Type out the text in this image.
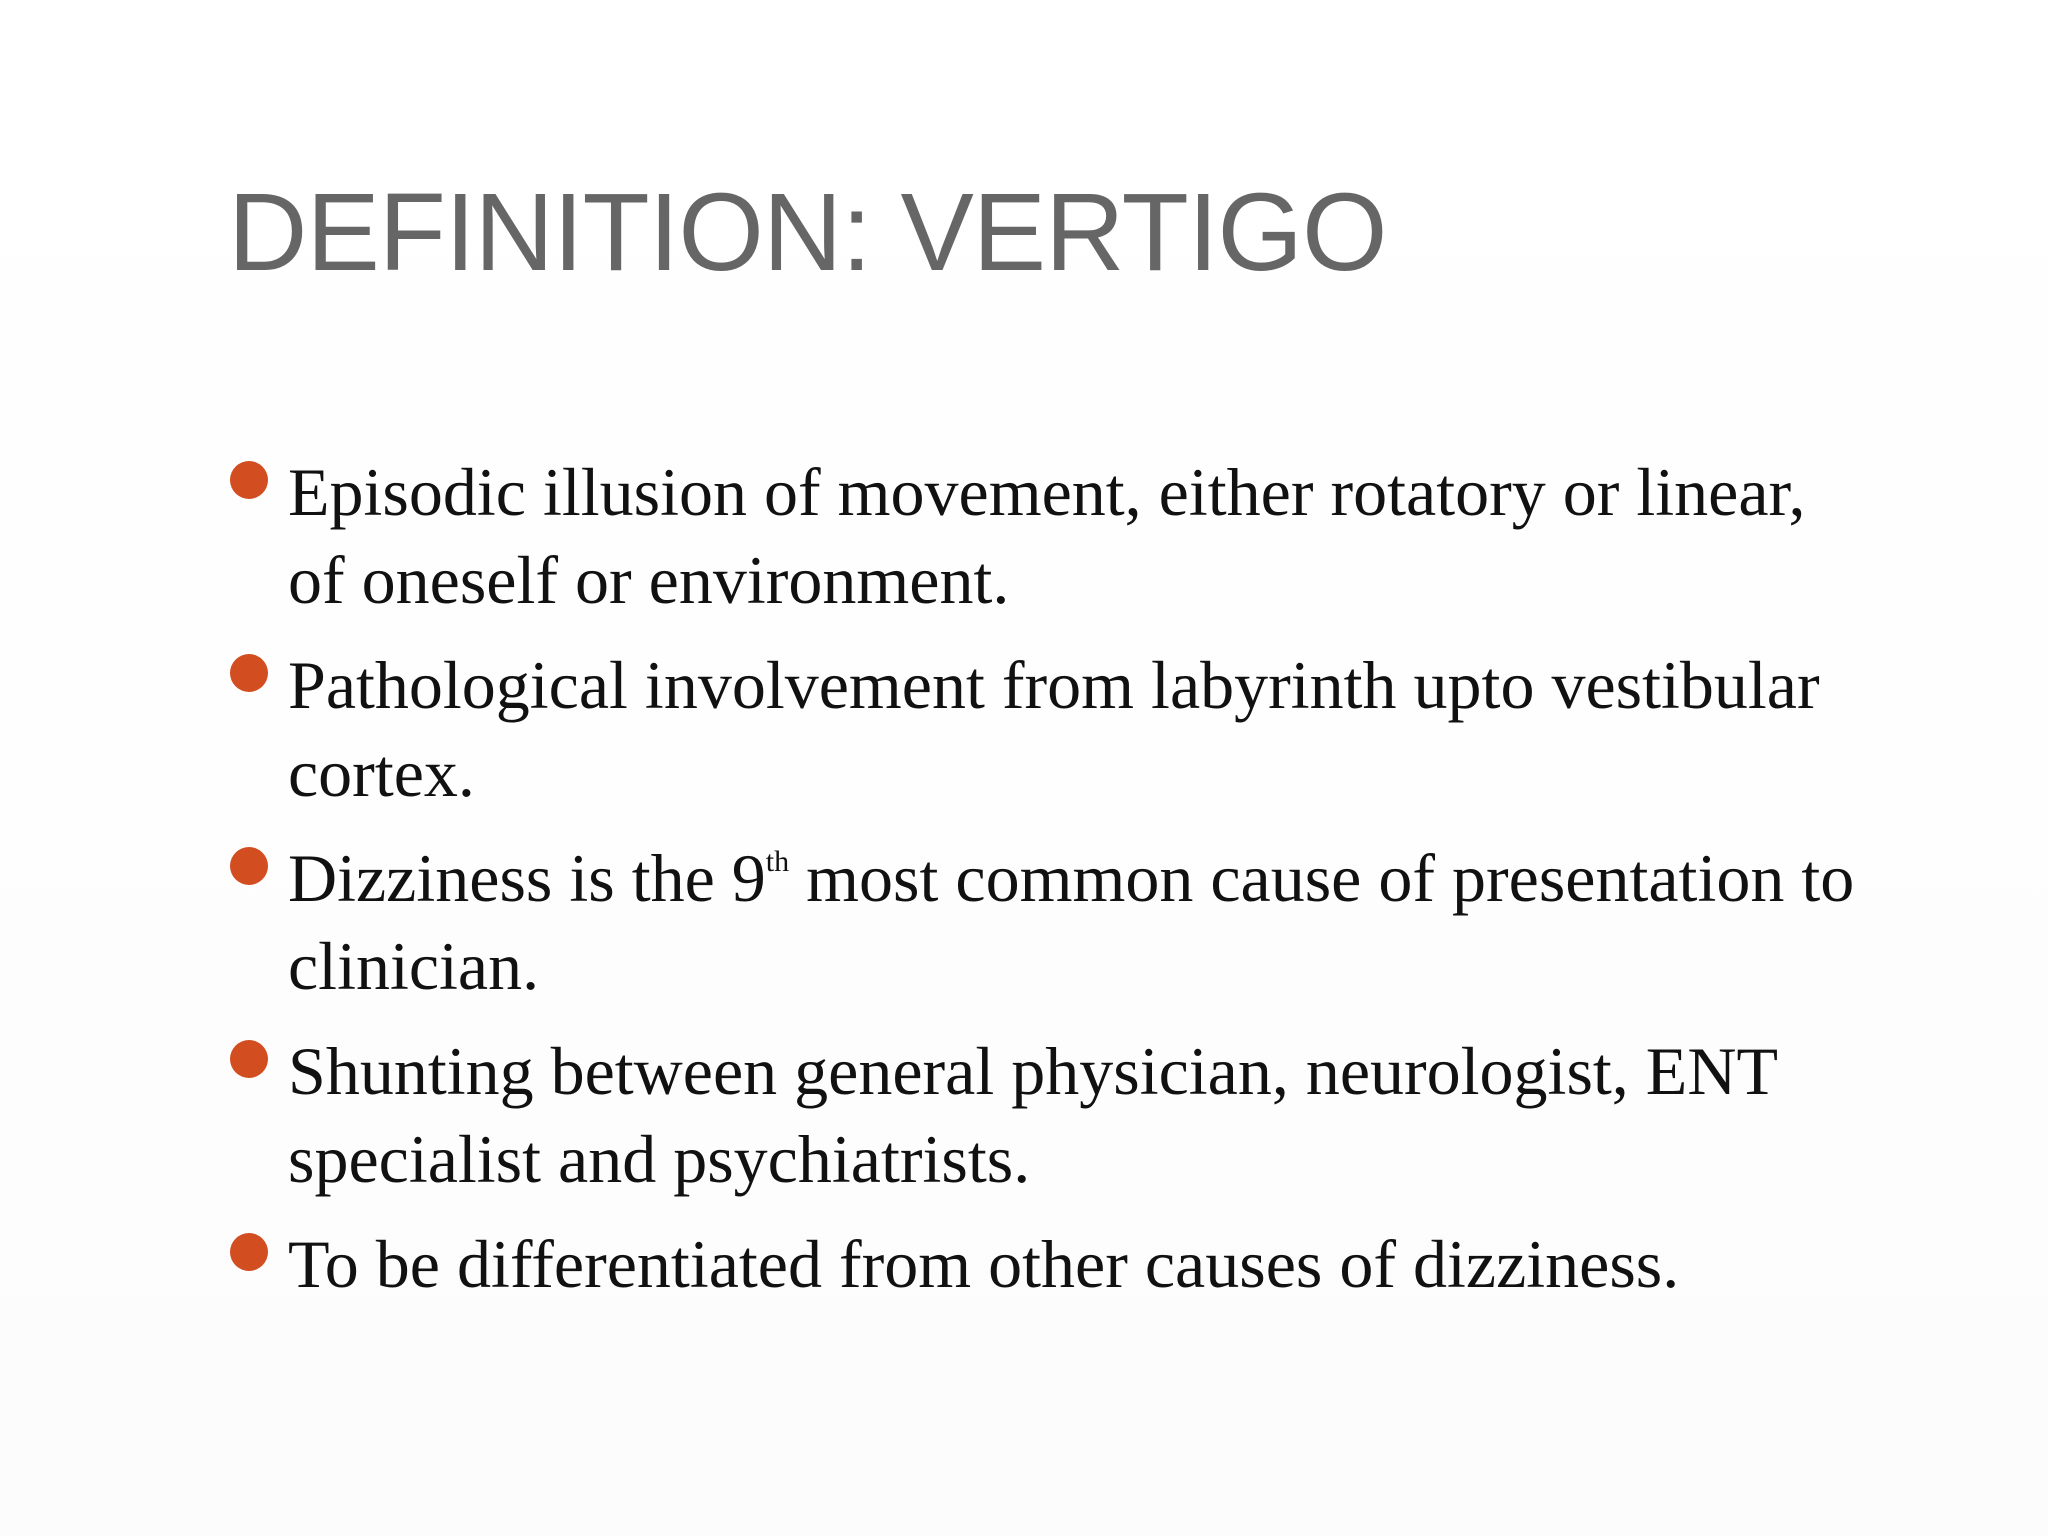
DEFINITION: VERTIGO
Episodic illusion of movement, either rotatory or linear, of oneself or environment.
Pathological involvement from labyrinth upto vestibular cortex.
Dizziness is the 9th most common cause of presentation to clinician.
Shunting between general physician, neurologist, ENT specialist and psychiatrists.
To be differentiated from other causes of dizziness.
